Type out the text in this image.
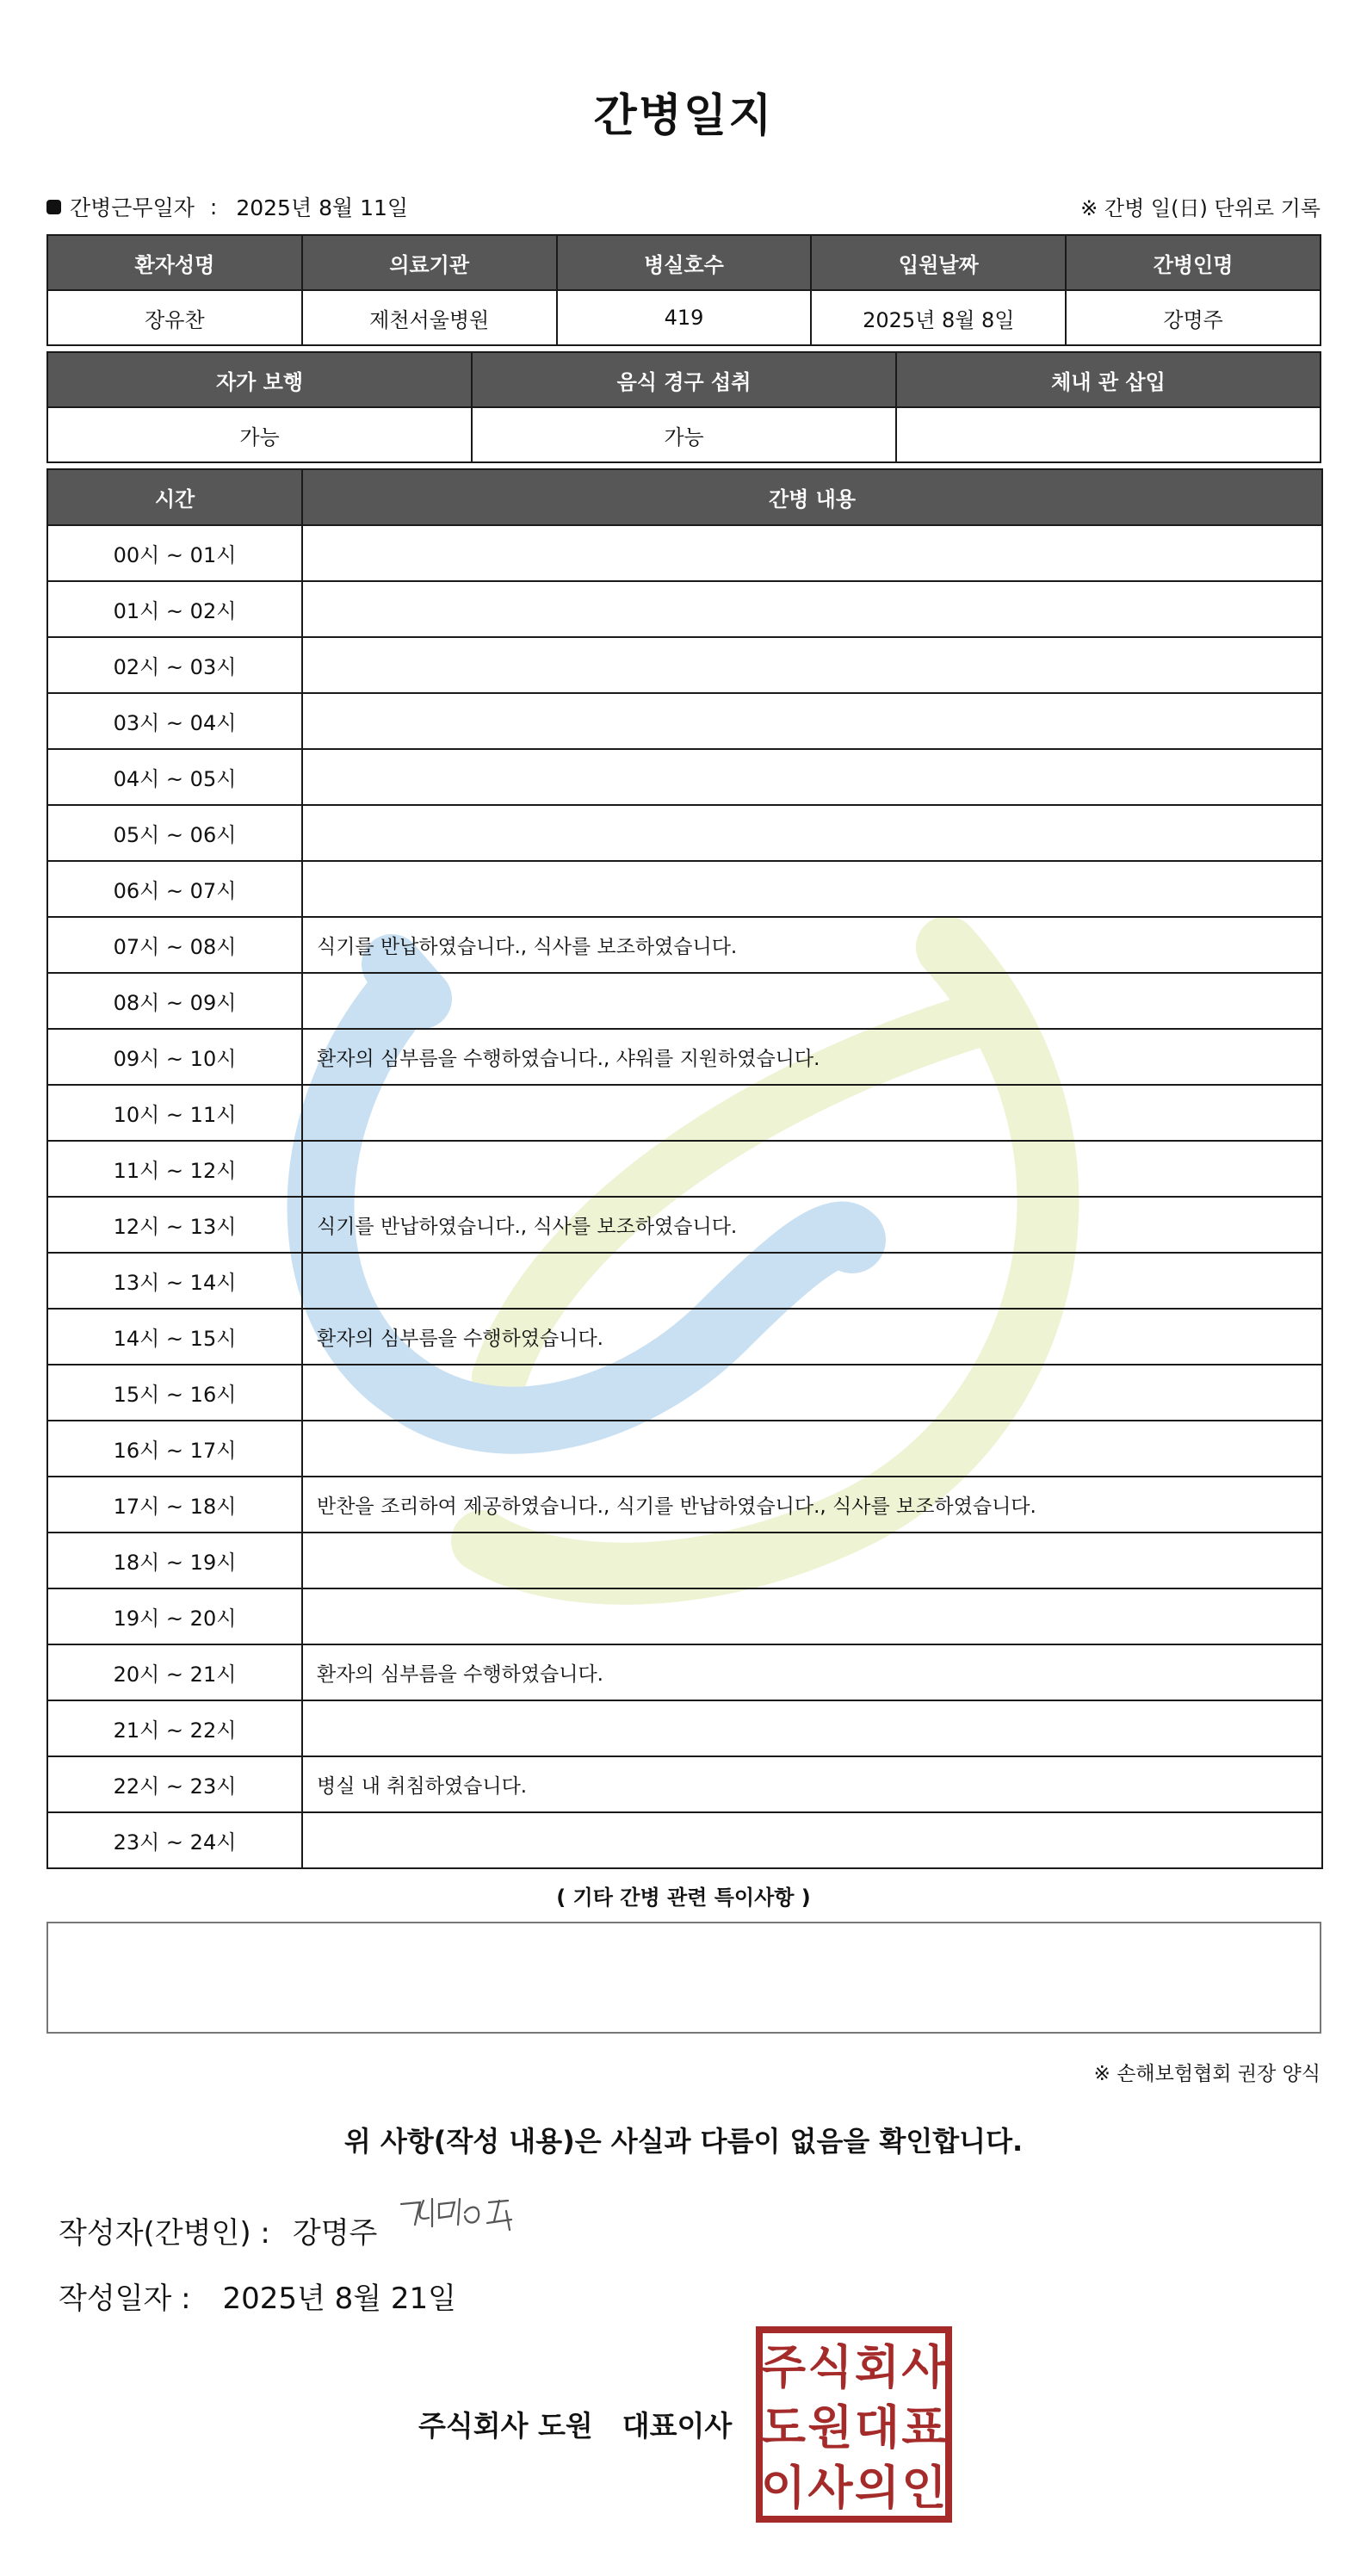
간병일지
간병근무일자 : 2025년 8월 11일	※ 간병 일(日) 단위로 기록
환자성명	의료기관	병실호수	입원날짜	간병인명
장유찬	제천서울병원	419	2025년 8월 8일	강명주
자가 보행	음식 경구 섭취	체내 관 삽입
가능	가능	
시간	간병 내용
00시 ~ 01시	
01시 ~ 02시	
02시 ~ 03시	
03시 ~ 04시	
04시 ~ 05시	
05시 ~ 06시	
06시 ~ 07시	
07시 ~ 08시	식기를 반납하였습니다., 식사를 보조하였습니다.
08시 ~ 09시	
09시 ~ 10시	환자의 심부름을 수행하였습니다., 샤워를 지원하였습니다.
10시 ~ 11시	
11시 ~ 12시	
12시 ~ 13시	식기를 반납하였습니다., 식사를 보조하였습니다.
13시 ~ 14시	
14시 ~ 15시	환자의 심부름을 수행하였습니다.
15시 ~ 16시	
16시 ~ 17시	
17시 ~ 18시	반찬을 조리하여 제공하였습니다., 식기를 반납하였습니다., 식사를 보조하였습니다.
18시 ~ 19시	
19시 ~ 20시	
20시 ~ 21시	환자의 심부름을 수행하였습니다.
21시 ~ 22시	
22시 ~ 23시	병실 내 취침하였습니다.
23시 ~ 24시	
( 기타 간병 관련 특이사항 )
※ 손해보험협회 권장 양식
위 사항(작성 내용)은 사실과 다름이 없음을 확인합니다.
작성자(간병인) : 강명주
작성일자 : 2025년 8월 21일
주식회사 도원 대표이사
주 식 회 사
도 원 대 표
이 사 의 인
